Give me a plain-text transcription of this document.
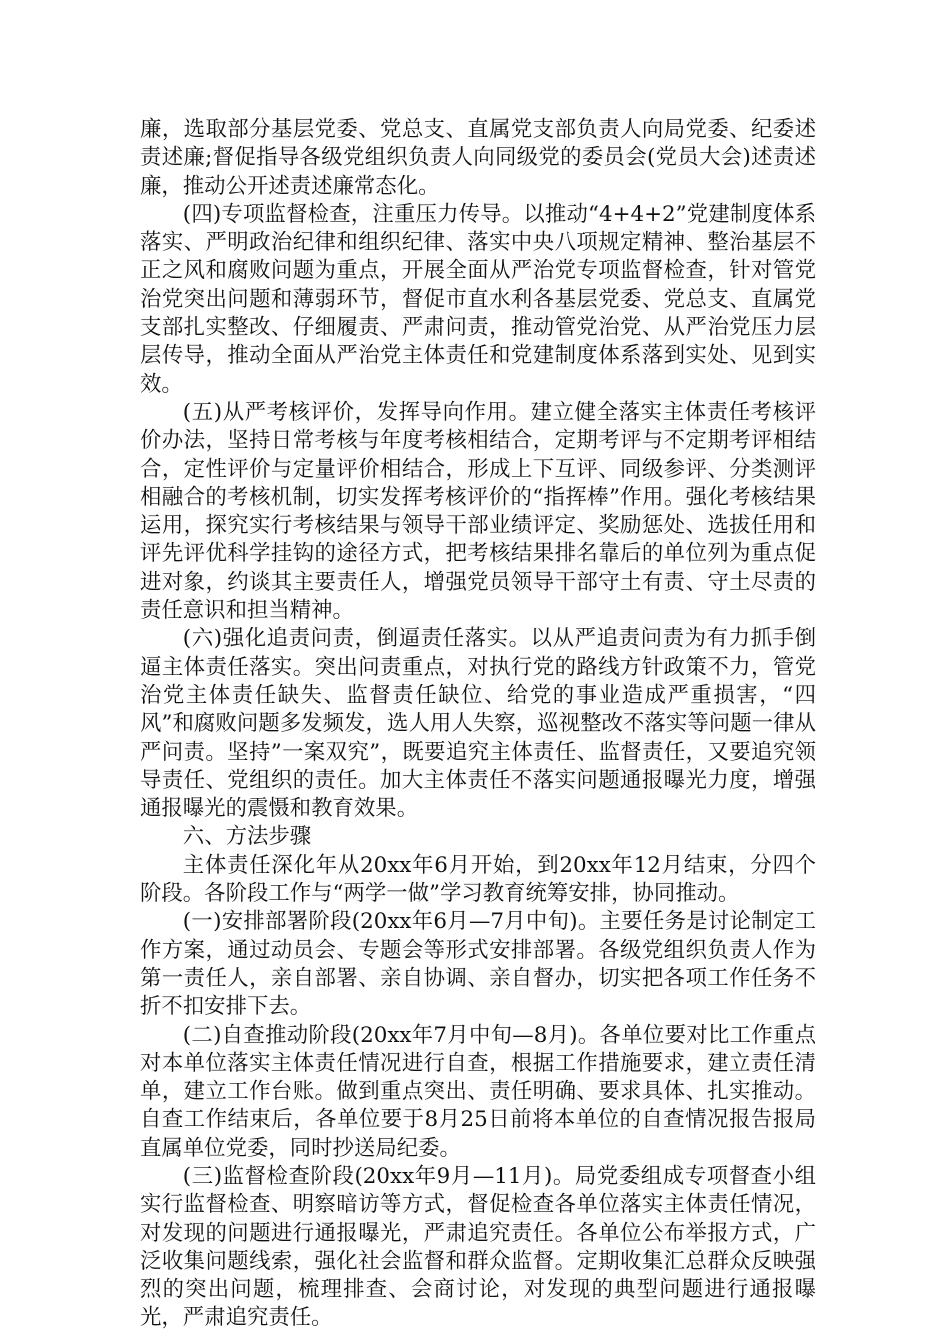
廉，选取部分基层党委、党总支、直属党支部负责人向局党委、纪委述责述廉;督促指导各级党组织负责人向同级党的委员会(党员大会)述责述廉，推动公开述责述廉常态化。

(四)专项监督检查，注重压力传导。以推动“4+4+2”党建制度体系落实、严明政治纪律和组织纪律、落实中央八项规定精神、整治基层不正之风和腐败问题为重点，开展全面从严治党专项监督检查，针对管党治党突出问题和薄弱环节，督促市直水利各基层党委、党总支、直属党支部扎实整改、仔细履责、严肃问责，推动管党治党、从严治党压力层层传导，推动全面从严治党主体责任和党建制度体系落到实处、见到实效。

(五)从严考核评价，发挥导向作用。建立健全落实主体责任考核评价办法，坚持日常考核与年度考核相结合，定期考评与不定期考评相结合，定性评价与定量评价相结合，形成上下互评、同级参评、分类测评相融合的考核机制，切实发挥考核评价的“指挥棒”作用。强化考核结果运用，探究实行考核结果与领导干部业绩评定、奖励惩处、选拔任用和评先评优科学挂钩的途径方式，把考核结果排名靠后的单位列为重点促进对象，约谈其主要责任人，增强党员领导干部守土有责、守土尽责的责任意识和担当精神。

(六)强化追责问责，倒逼责任落实。以从严追责问责为有力抓手倒逼主体责任落实。突出问责重点，对执行党的路线方针政策不力，管党治党主体责任缺失、监督责任缺位、给党的事业造成严重损害，“四风”和腐败问题多发频发，选人用人失察，巡视整改不落实等问题一律从严问责。坚持”一案双究”，既要追究主体责任、监督责任，又要追究领导责任、党组织的责任。加大主体责任不落实问题通报曝光力度，增强通报曝光的震慑和教育效果。

六、方法步骤

主体责任深化年从20xx年6月开始，到20xx年12月结束，分四个阶段。各阶段工作与“两学一做”学习教育统筹安排，协同推动。

(一)安排部署阶段(20xx年6月—7月中旬)。主要任务是讨论制定工作方案，通过动员会、专题会等形式安排部署。各级党组织负责人作为第一责任人，亲自部署、亲自协调、亲自督办，切实把各项工作任务不折不扣安排下去。

(二)自查推动阶段(20xx年7月中旬—8月)。各单位要对比工作重点对本单位落实主体责任情况进行自查，根据工作措施要求，建立责任清单，建立工作台账。做到重点突出、责任明确、要求具体、扎实推动。自查工作结束后，各单位要于8月25日前将本单位的自查情况报告报局直属单位党委，同时抄送局纪委。

(三)监督检查阶段(20xx年9月—11月)。局党委组成专项督查小组实行监督检查、明察暗访等方式，督促检查各单位落实主体责任情况，对发现的问题进行通报曝光，严肃追究责任。各单位公布举报方式，广泛收集问题线索，强化社会监督和群众监督。定期收集汇总群众反映强烈的突出问题，梳理排查、会商讨论，对发现的典型问题进行通报曝光，严肃追究责任。
